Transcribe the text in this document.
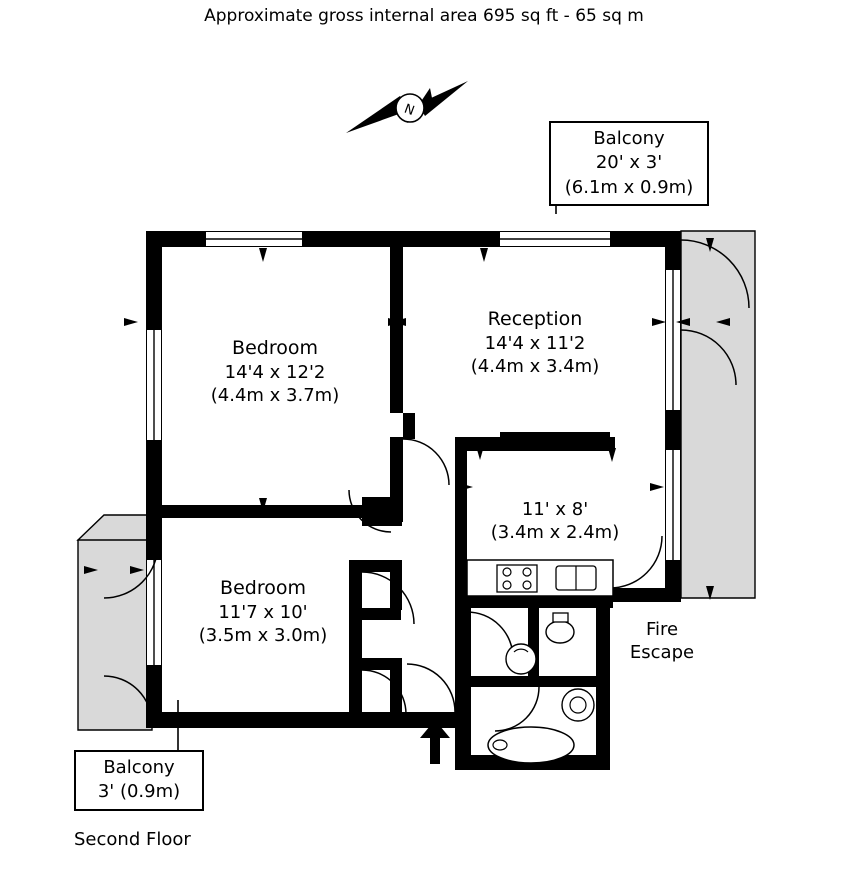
Approximate gross internal area 695 sq ft - 65 sq m
N
Bedroom
14'4 x 12'2
(4.4m x 3.7m)
Reception
14'4 x 11'2
(4.4m x 3.4m)
11' x 8'
(3.4m x 2.4m)
Bedroom
11'7 x 10'
(3.5m x 3.0m)
Balcony
20' x 3'
(6.1m x 0.9m)
Balcony
3' (0.9m)
Fire
Escape
Second Floor
